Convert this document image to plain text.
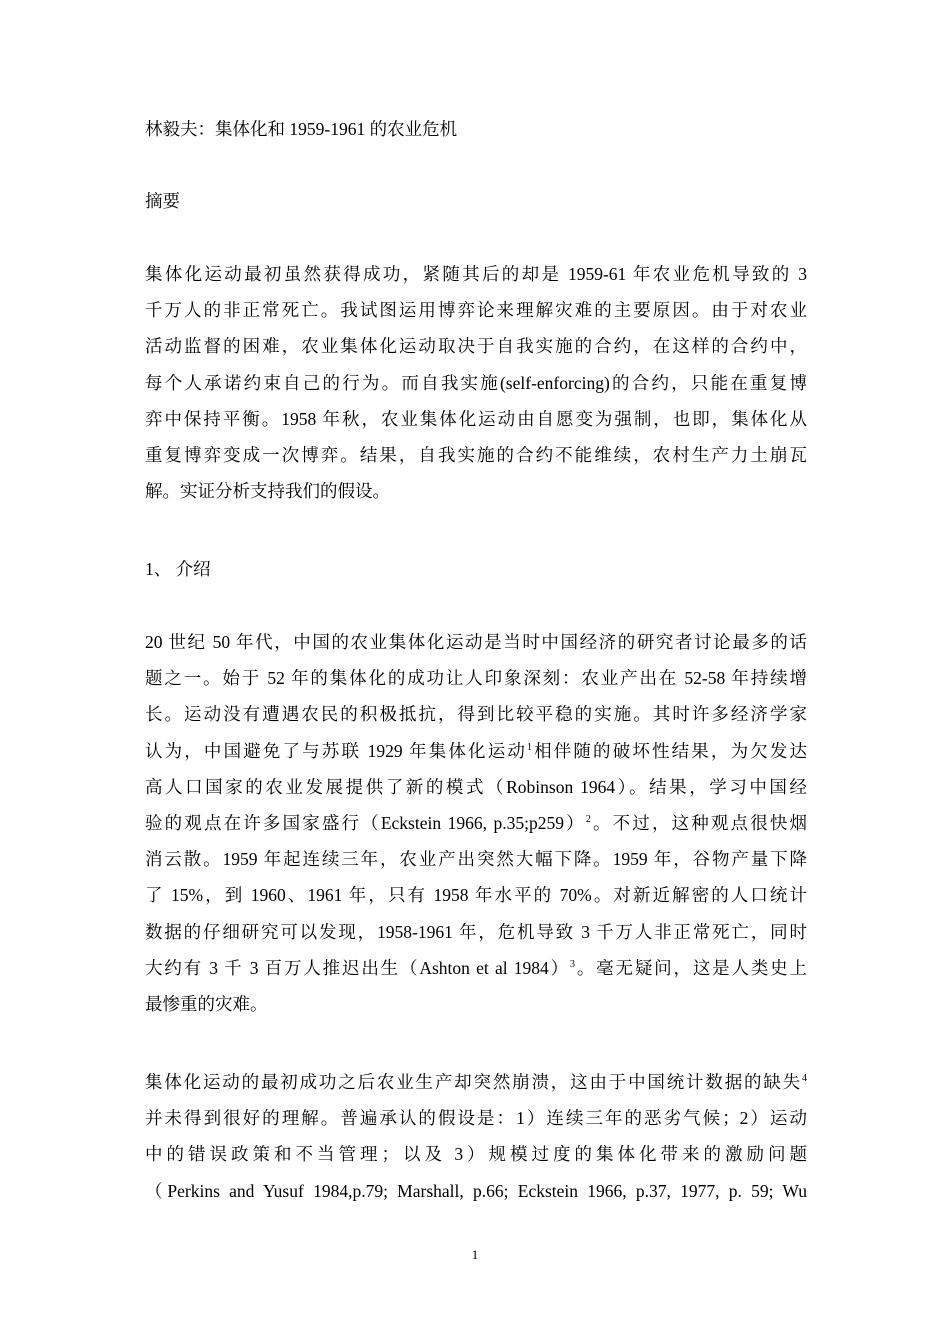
林毅夫：集体化和 1959-1961 的农业危机
摘要
集体化运动最初虽然获得成功，紧随其后的却是 1959-61 年农业危机导致的 3
千万人的非正常死亡。我试图运用博弈论来理解灾难的主要原因。由于对农业
活动监督的困难，农业集体化运动取决于自我实施的合约，在这样的合约中，
每个人承诺约束自己的行为。而自我实施(self-enforcing)的合约，只能在重复博
弈中保持平衡。1958 年秋，农业集体化运动由自愿变为强制，也即，集体化从
重复博弈变成一次博弈。结果，自我实施的合约不能维续，农村生产力土崩瓦
解。实证分析支持我们的假设。
1、 介绍
20 世纪 50 年代，中国的农业集体化运动是当时中国经济的研究者讨论最多的话
题之一。始于 52 年的集体化的成功让人印象深刻：农业产出在 52-58 年持续增
长。运动没有遭遇农民的积极抵抗，得到比较平稳的实施。其时许多经济学家
认为，中国避免了与苏联 1929 年集体化运动$^1$相伴随的破坏性结果，为欠发达
高人口国家的农业发展提供了新的模式（Robinson 1964）。结果，学习中国经
验的观点在许多国家盛行（Eckstein 1966, p.35;p259）$^2$。不过，这种观点很快烟
消云散。1959 年起连续三年，农业产出突然大幅下降。1959 年，谷物产量下降
了 15%，到 1960、1961 年，只有 1958 年水平的 70%。对新近解密的人口统计
数据的仔细研究可以发现，1958-1961 年，危机导致 3 千万人非正常死亡，同时
大约有 3 千 3 百万人推迟出生（Ashton et al 1984）$^3$。毫无疑问，这是人类史上
最惨重的灾难。
集体化运动的最初成功之后农业生产却突然崩溃，这由于中国统计数据的缺失$^4$
并未得到很好的理解。普遍承认的假设是：1）连续三年的恶劣气候；2）运动
中的错误政策和不当管理；以及 3）规模过度的集体化带来的激励问题
（Perkins and Yusuf 1984,p.79; Marshall, p.66; Eckstein 1966, p.37, 1977, p. 59; Wu
1
